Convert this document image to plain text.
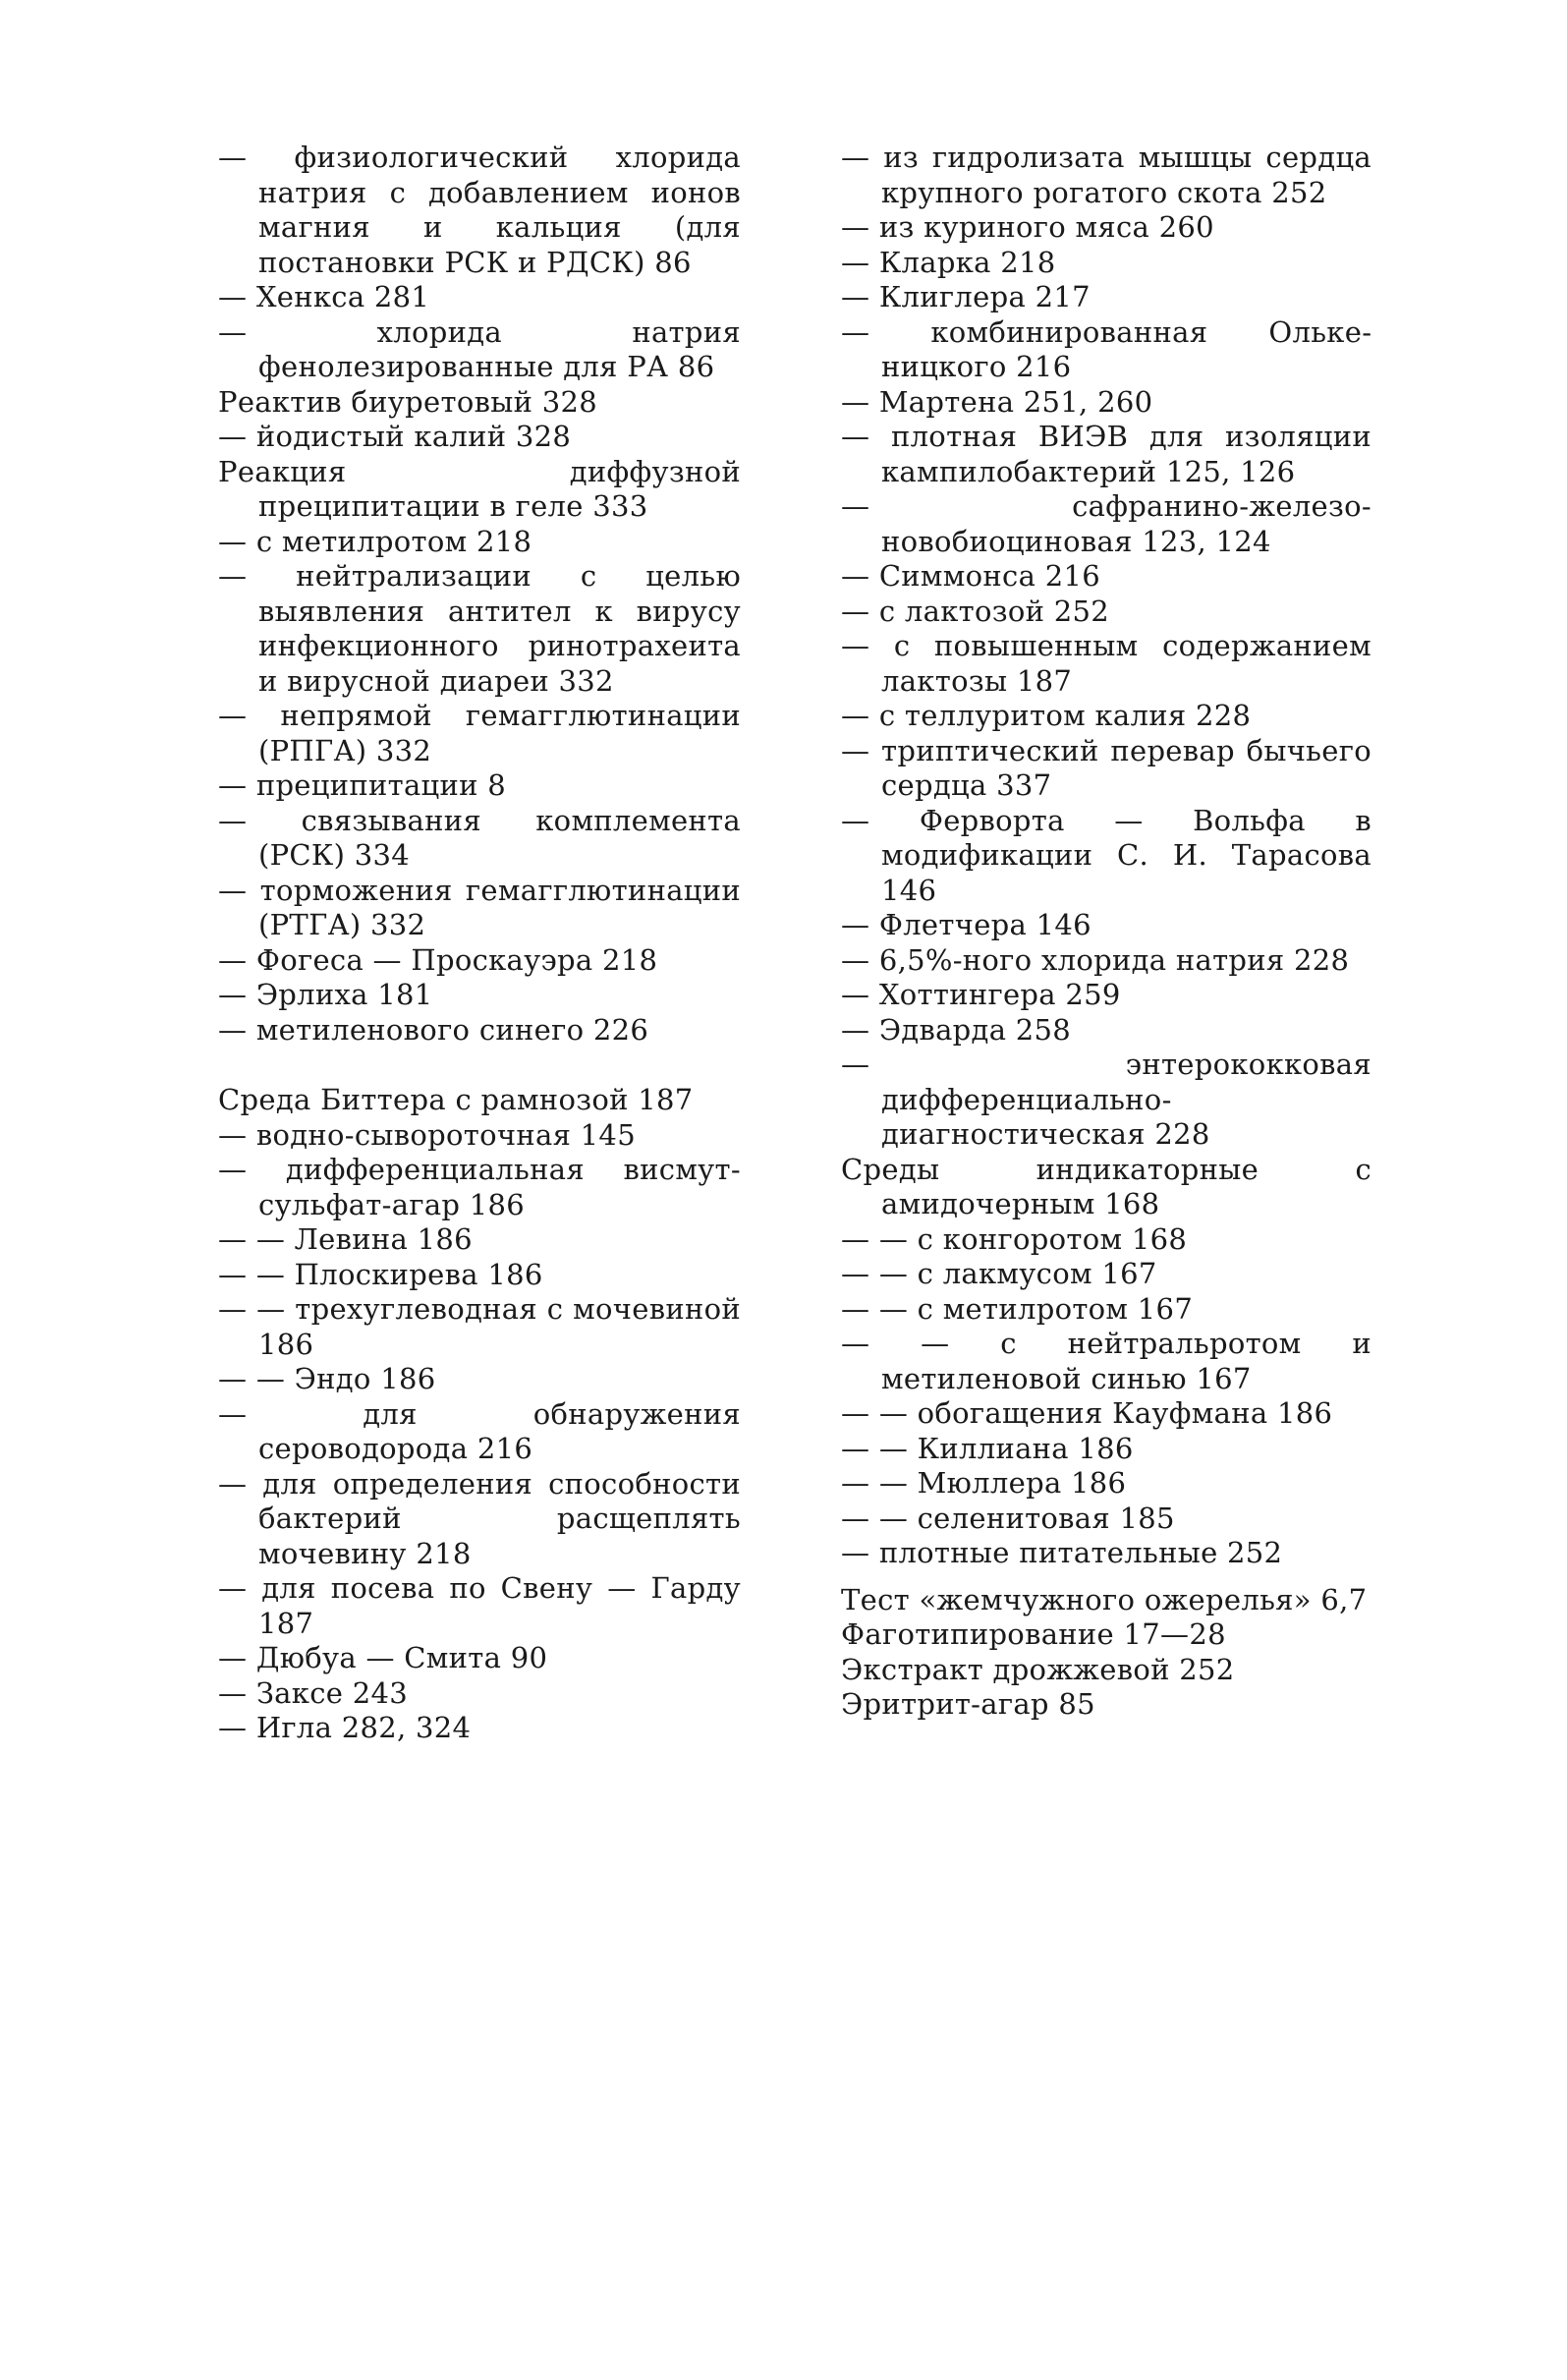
— физиологический хлорида натрия с добавлением ионов магния и кальция (для постановки РСК и РДСК) 86
— Хенкса 281
— хлорида натрия фенолезированные для РА 86
Реактив биуретовый 328
— йодистый калий 328
Реакция диффузной преципитации в геле 333
— с метилротом 218
— нейтрализации с целью выявления антител к вирусу инфекционного ринотрахеита и вирусной диареи 332
— непрямой гемагглютинации (РПГА) 332
— преципитации 8
— связывания комплемента (РСК) 334
— торможения гемагглютинации (РТГА) 332
— Фогеса — Проскауэра 218
— Эрлиха 181
— метиленового синего 226
Среда Биттера с рамнозой 187
— водно-сывороточная 145
— дифференциальная висмут-сульфат-агар 186
— — Левина 186
— — Плоскирева 186
— — трехуглеводная с мочевиной 186
— — Эндо 186
— для обнаружения сероводорода 216
— для определения способности бактерий расщеплять мочевину 218
— для посева по Свену — Гарду 187
— Дюбуа — Смита 90
— Заксе 243
— Игла 282, 324
— из гидролизата мышцы сердца крупного рогатого скота 252
— из куриного мяса 260
— Кларка 218
— Клиглера 217
— комбинированная Олькеницкого 216
— Мартена 251, 260
— плотная ВИЭВ для изоляции кампилобактерий 125, 126
— сафранино-железо-новобиоциновая 123, 124
— Симмонса 216
— с лактозой 252
— с повышенным содержанием лактозы 187
— с теллуритом калия 228
— триптический перевар бычьего сердца 337
— Ферворта — Вольфа в модификации С. И. Тарасова 146
— Флетчера 146
— 6,5%-ного хлорида натрия 228
— Хоттингера 259
— Эдварда 258
— энтерококковая дифференциально-диагностическая 228
Среды индикаторные с амидочерным 168
— — с конгоротом 168
— — с лакмусом 167
— — с метилротом 167
— — с нейтральротом и метиленовой синью 167
— — обогащения Кауфмана 186
— — Киллиана 186
— — Мюллера 186
— — селенитовая 185
— плотные питательные 252
Тест «жемчужного ожерелья» 6,7
Фаготипирование 17—28
Экстракт дрожжевой 252
Эритрит-агар 85
